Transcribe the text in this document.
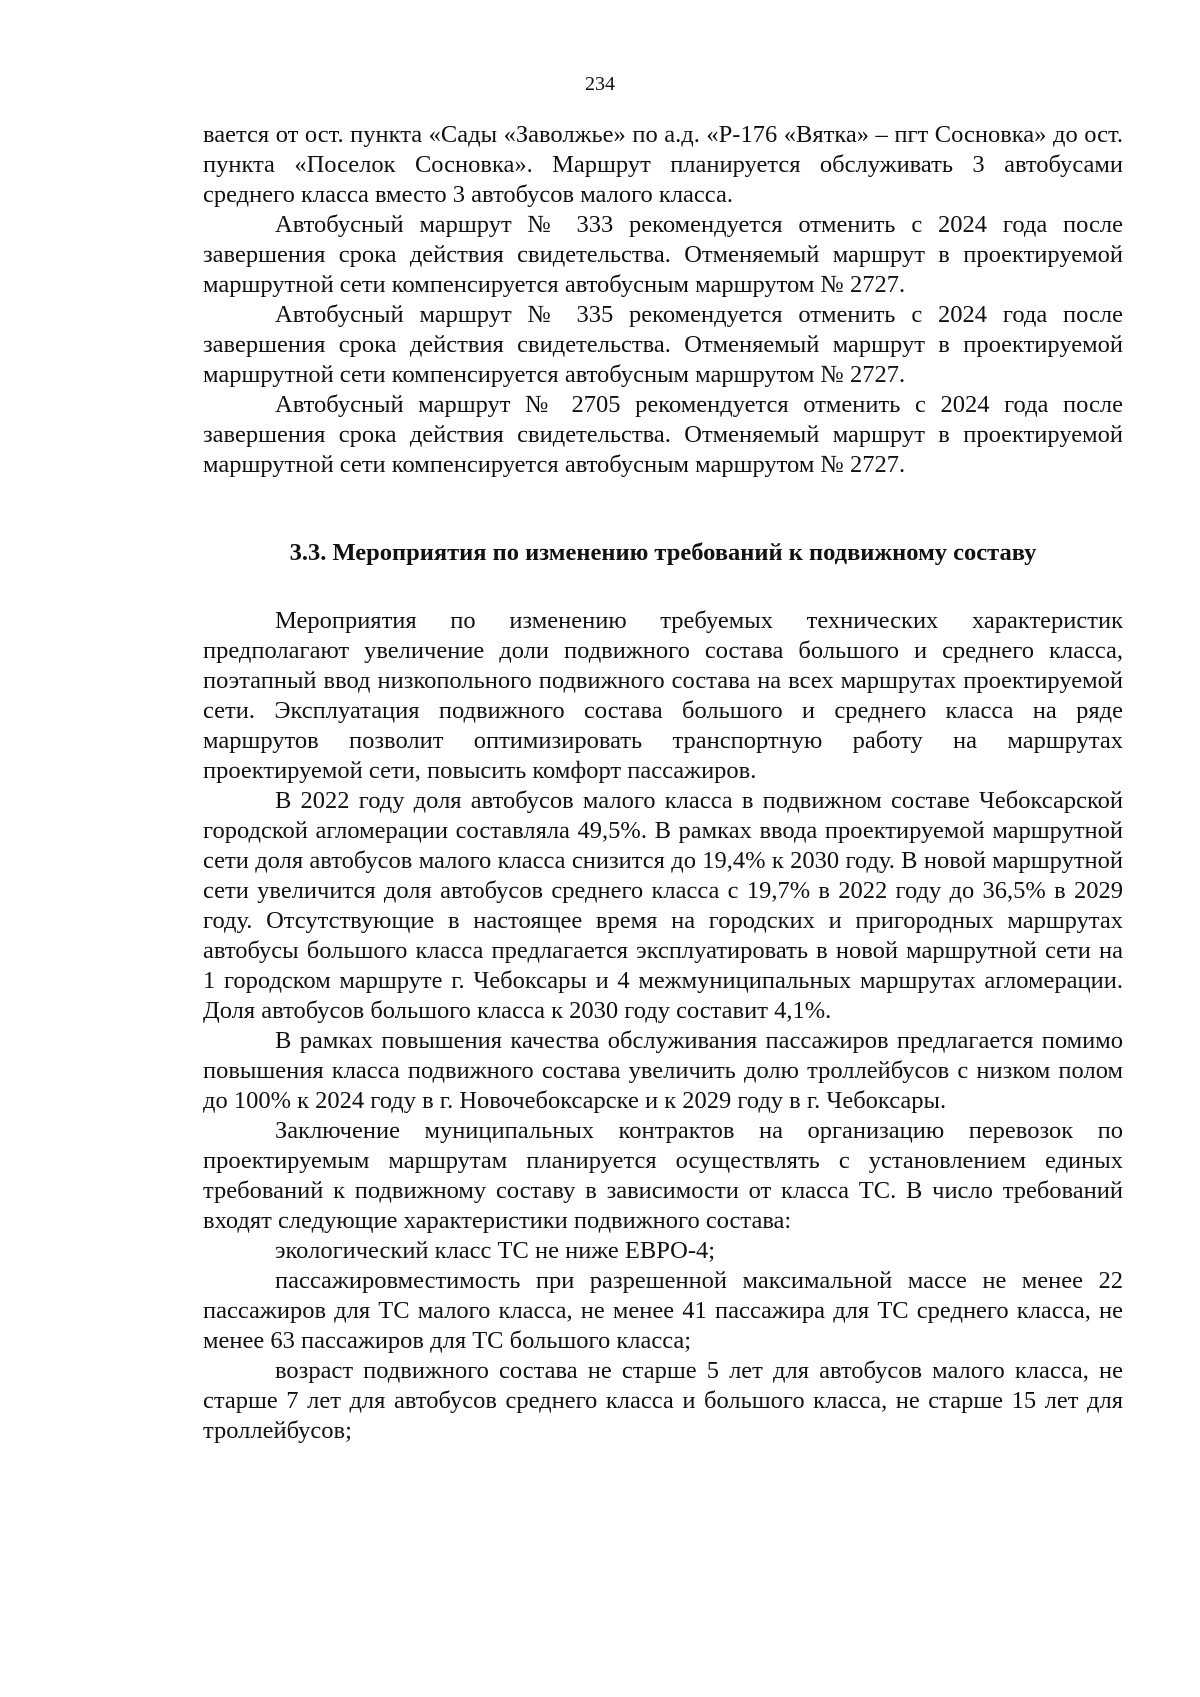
234

вается от ост. пункта «Сады «Заволжье» по а.д. «Р-176 «Вятка» – пгт Сосновка» до ост. пункта «Поселок Сосновка». Маршрут планируется обслуживать 3 автобусами среднего класса вместо 3 автобусов малого класса.

Автобусный маршрут № 333 рекомендуется отменить с 2024 года после завершения срока действия свидетельства. Отменяемый маршрут в проектируемой маршрутной сети компенсируется автобусным маршрутом № 2727.

Автобусный маршрут № 335 рекомендуется отменить с 2024 года после завершения срока действия свидетельства. Отменяемый маршрут в проектируемой маршрутной сети компенсируется автобусным маршрутом № 2727.

Автобусный маршрут № 2705 рекомендуется отменить с 2024 года после завершения срока действия свидетельства. Отменяемый маршрут в проектируемой маршрутной сети компенсируется автобусным маршрутом № 2727.

3.3. Мероприятия по изменению требований к подвижному составу

Мероприятия по изменению требуемых технических характеристик предполагают увеличение доли подвижного состава большого и среднего класса, поэтапный ввод низкопольного подвижного состава на всех маршрутах проектируемой сети. Эксплуатация подвижного состава большого и среднего класса на ряде маршрутов позволит оптимизировать транспортную работу на маршрутах проектируемой сети, повысить комфорт пассажиров.

В 2022 году доля автобусов малого класса в подвижном составе Чебоксарской городской агломерации составляла 49,5%. В рамках ввода проектируемой маршрутной сети доля автобусов малого класса снизится до 19,4% к 2030 году. В новой маршрутной сети увеличится доля автобусов среднего класса с 19,7% в 2022 году до 36,5% в 2029 году. Отсутствующие в настоящее время на городских и пригородных маршрутах автобусы большого класса предлагается эксплуатировать в новой маршрутной сети на 1 городском маршруте г. Чебоксары и 4 межмуниципальных маршрутах агломерации. Доля автобусов большого класса к 2030 году составит 4,1%.

В рамках повышения качества обслуживания пассажиров предлагается помимо повышения класса подвижного состава увеличить долю троллейбусов с низком полом до 100% к 2024 году в г. Новочебоксарске и к 2029 году в г. Чебоксары.

Заключение муниципальных контрактов на организацию перевозок по проектируемым маршрутам планируется осуществлять с установлением единых требований к подвижному составу в зависимости от класса ТС. В число требований входят следующие характеристики подвижного состава:

экологический класс ТС не ниже ЕВРО-4;

пассажировместимость при разрешенной максимальной массе не менее 22 пассажиров для ТС малого класса, не менее 41 пассажира для ТС среднего класса, не менее 63 пассажиров для ТС большого класса;

возраст подвижного состава не старше 5 лет для автобусов малого класса, не старше 7 лет для автобусов среднего класса и большого класса, не старше 15 лет для троллейбусов;
